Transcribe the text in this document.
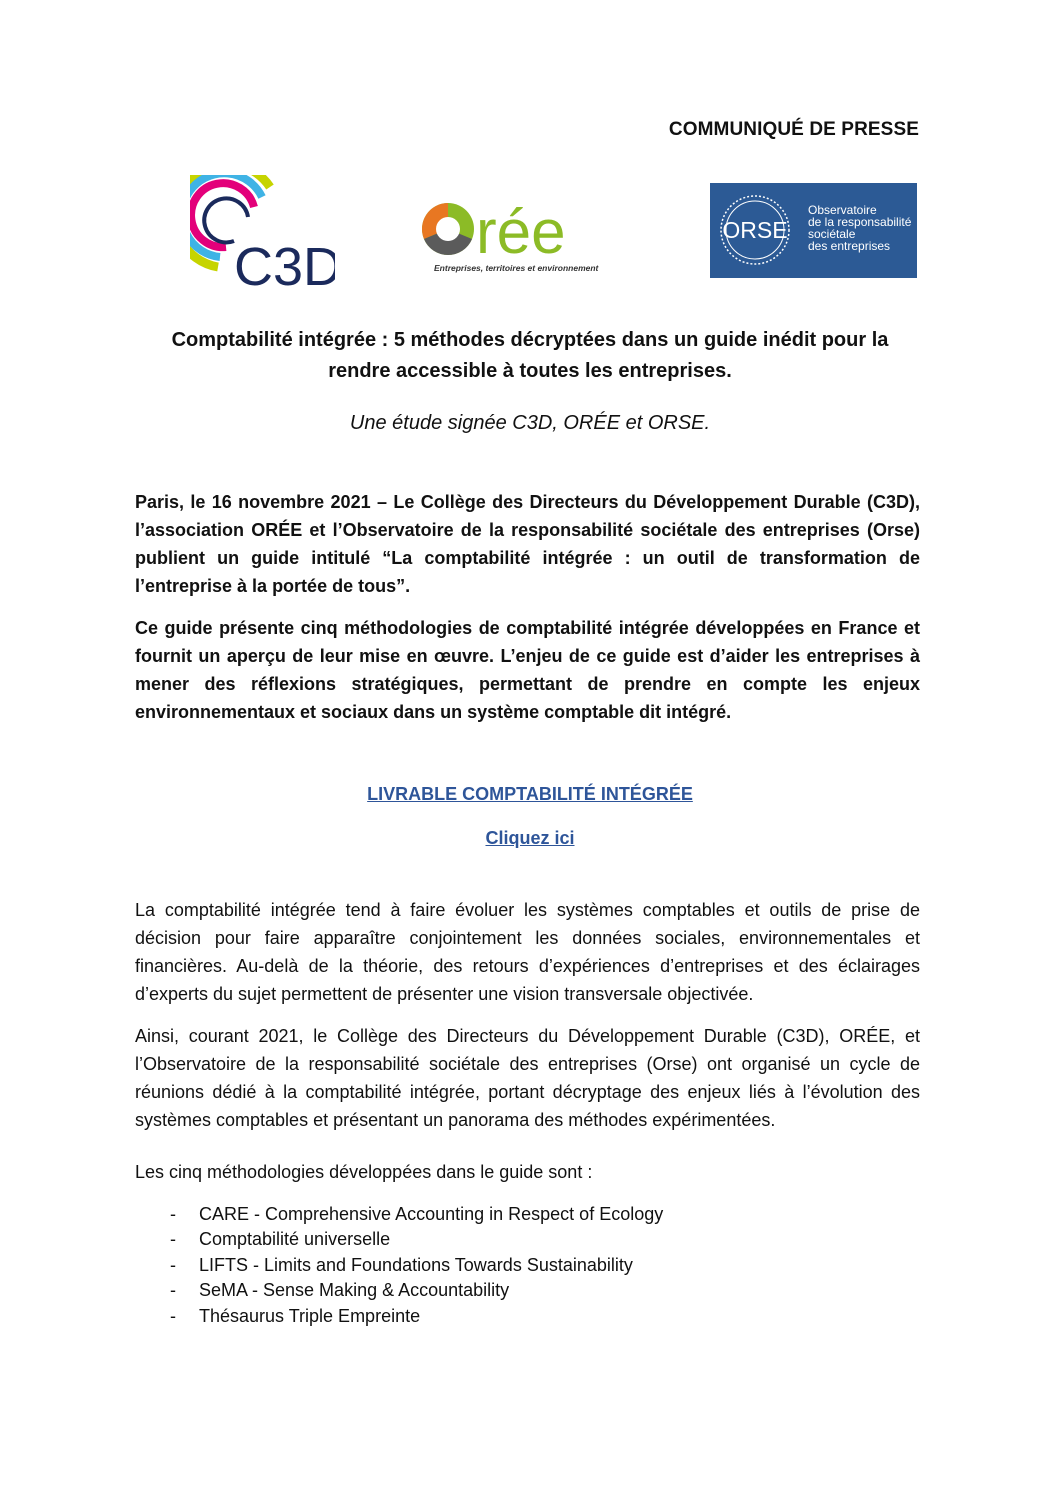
COMMUNIQUÉ DE PRESSE
C3D rée
Entreprises, territoires et environnement
ORSE
Observatoire
de la responsabilité
sociétale
des entreprises
Comptabilité intégrée : 5 méthodes décryptées dans un guide inédit pour la
rendre accessible à toutes les entreprises.
Une étude signée C3D, ORÉE et ORSE.

Paris, le 16 novembre 2021 – Le Collège des Directeurs du Développement Durable (C3D), l’association ORÉE et l’Observatoire de la responsabilité sociétale des entreprises (Orse) publient un guide intitulé “La comptabilité intégrée : un outil de transformation de l’entreprise à la portée de tous”.

Ce guide présente cinq méthodologies de comptabilité intégrée développées en France et fournit un aperçu de leur mise en œuvre. L’enjeu de ce guide est d’aider les entreprises à mener des réflexions stratégiques, permettant de prendre en compte les enjeux environnementaux et sociaux dans un système comptable dit intégré.

LIVRABLE COMPTABILITÉ INTÉGRÉE
Cliquez ici

La comptabilité intégrée tend à faire évoluer les systèmes comptables et outils de prise de décision pour faire apparaître conjointement les données sociales, environnementales et financières. Au-delà de la théorie, des retours d’expériences d’entreprises et des éclairages d’experts du sujet permettent de présenter une vision transversale objectivée.

Ainsi, courant 2021, le Collège des Directeurs du Développement Durable (C3D), ORÉE, et l’Observatoire de la responsabilité sociétale des entreprises (Orse) ont organisé un cycle de réunions dédié à la comptabilité intégrée, portant décryptage des enjeux liés à l’évolution des systèmes comptables et présentant un panorama des méthodes expérimentées.

Les cinq méthodologies développées dans le guide sont :

-	CARE - Comprehensive Accounting in Respect of Ecology
-	Comptabilité universelle
-	LIFTS - Limits and Foundations Towards Sustainability
-	SeMA - Sense Making & Accountability
-	Thésaurus Triple Empreinte
